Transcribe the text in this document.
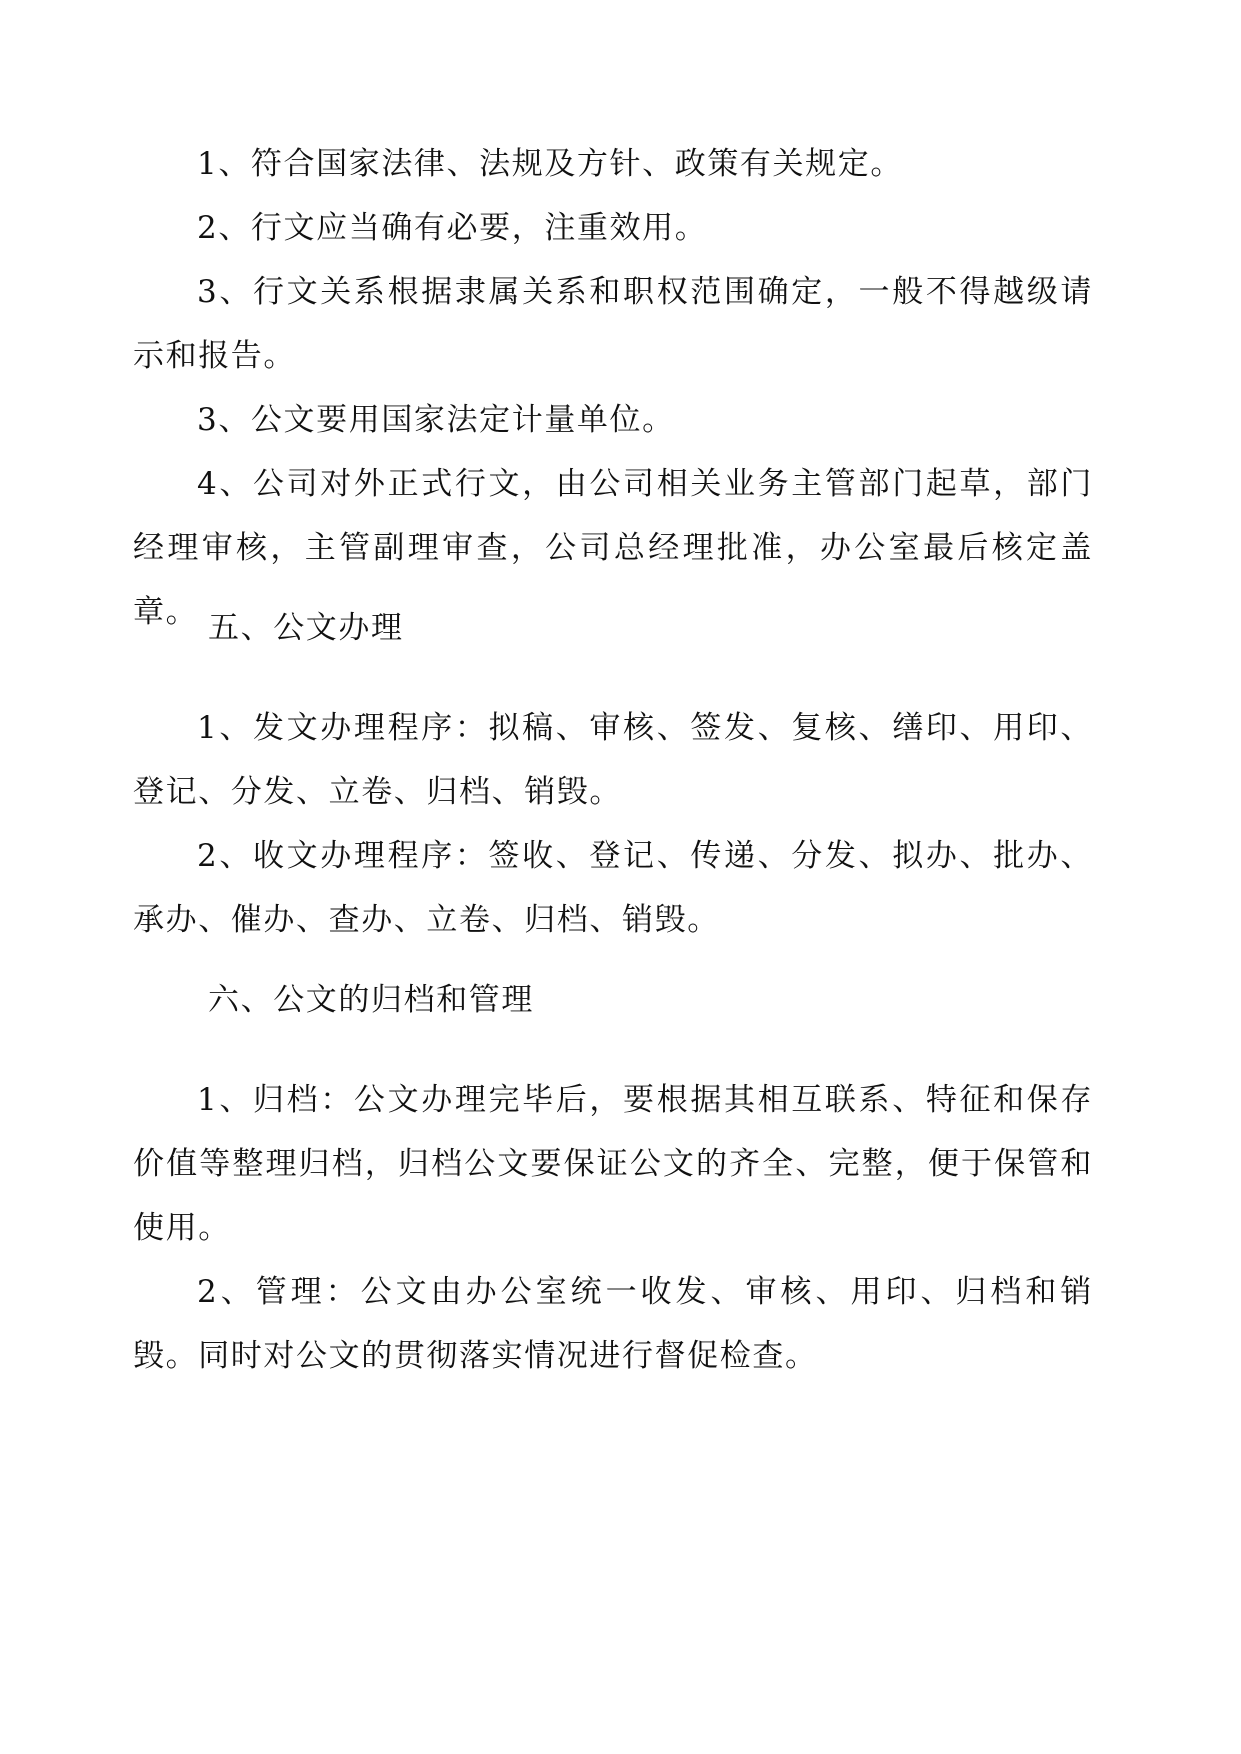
1、符合国家法律、法规及方针、政策有关规定。
2、行文应当确有必要，注重效用。
3、行文关系根据隶属关系和职权范围确定，一般不得越级请示和报告。
3、公文要用国家法定计量单位。
4、公司对外正式行文，由公司相关业务主管部门起草，部门经理审核，主管副理审查，公司总经理批准，办公室最后核定盖章。 五、公文办理
1、发文办理程序：拟稿、审核、签发、复核、缮印、用印、登记、分发、立卷、归档、销毁。
2、收文办理程序：签收、登记、传递、分发、拟办、批办、承办、催办、查办、立卷、归档、销毁。
六、公文的归档和管理
1、归档：公文办理完毕后，要根据其相互联系、特征和保存价值等整理归档，归档公文要保证公文的齐全、完整，便于保管和使用。
2、管理：公文由办公室统一收发、审核、用印、归档和销毁。同时对公文的贯彻落实情况进行督促检查。
